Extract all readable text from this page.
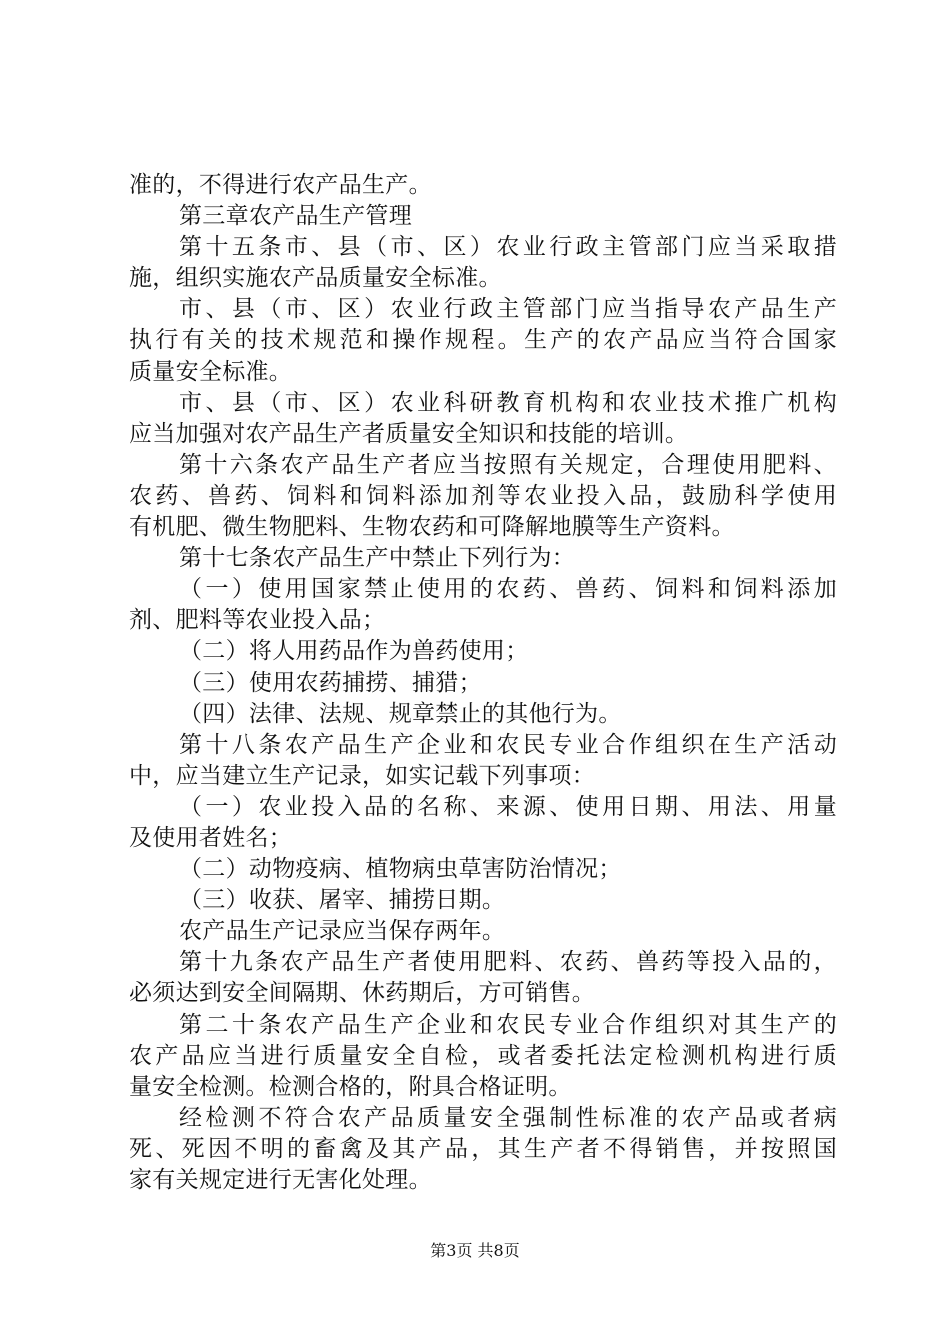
准的，不得进行农产品生产。
第三章农产品生产管理
第十五条市、县（市、区）农业行政主管部门应当采取措
施，组织实施农产品质量安全标准。
市、县（市、区）农业行政主管部门应当指导农产品生产
执行有关的技术规范和操作规程。生产的农产品应当符合国家
质量安全标准。
市、县（市、区）农业科研教育机构和农业技术推广机构
应当加强对农产品生产者质量安全知识和技能的培训。
第十六条农产品生产者应当按照有关规定，合理使用肥料、
农药、兽药、饲料和饲料添加剂等农业投入品，鼓励科学使用
有机肥、微生物肥料、生物农药和可降解地膜等生产资料。
第十七条农产品生产中禁止下列行为：
（一）使用国家禁止使用的农药、兽药、饲料和饲料添加
剂、肥料等农业投入品；
（二）将人用药品作为兽药使用；
（三）使用农药捕捞、捕猎；
（四）法律、法规、规章禁止的其他行为。
第十八条农产品生产企业和农民专业合作组织在生产活动
中，应当建立生产记录，如实记载下列事项：
（一）农业投入品的名称、来源、使用日期、用法、用量
及使用者姓名；
（二）动物疫病、植物病虫草害防治情况；
（三）收获、屠宰、捕捞日期。
农产品生产记录应当保存两年。
第十九条农产品生产者使用肥料、农药、兽药等投入品的，
必须达到安全间隔期、休药期后，方可销售。
第二十条农产品生产企业和农民专业合作组织对其生产的
农产品应当进行质量安全自检，或者委托法定检测机构进行质
量安全检测。检测合格的，附具合格证明。
经检测不符合农产品质量安全强制性标准的农产品或者病
死、死因不明的畜禽及其产品，其生产者不得销售，并按照国
家有关规定进行无害化处理。
第3页 共8页
